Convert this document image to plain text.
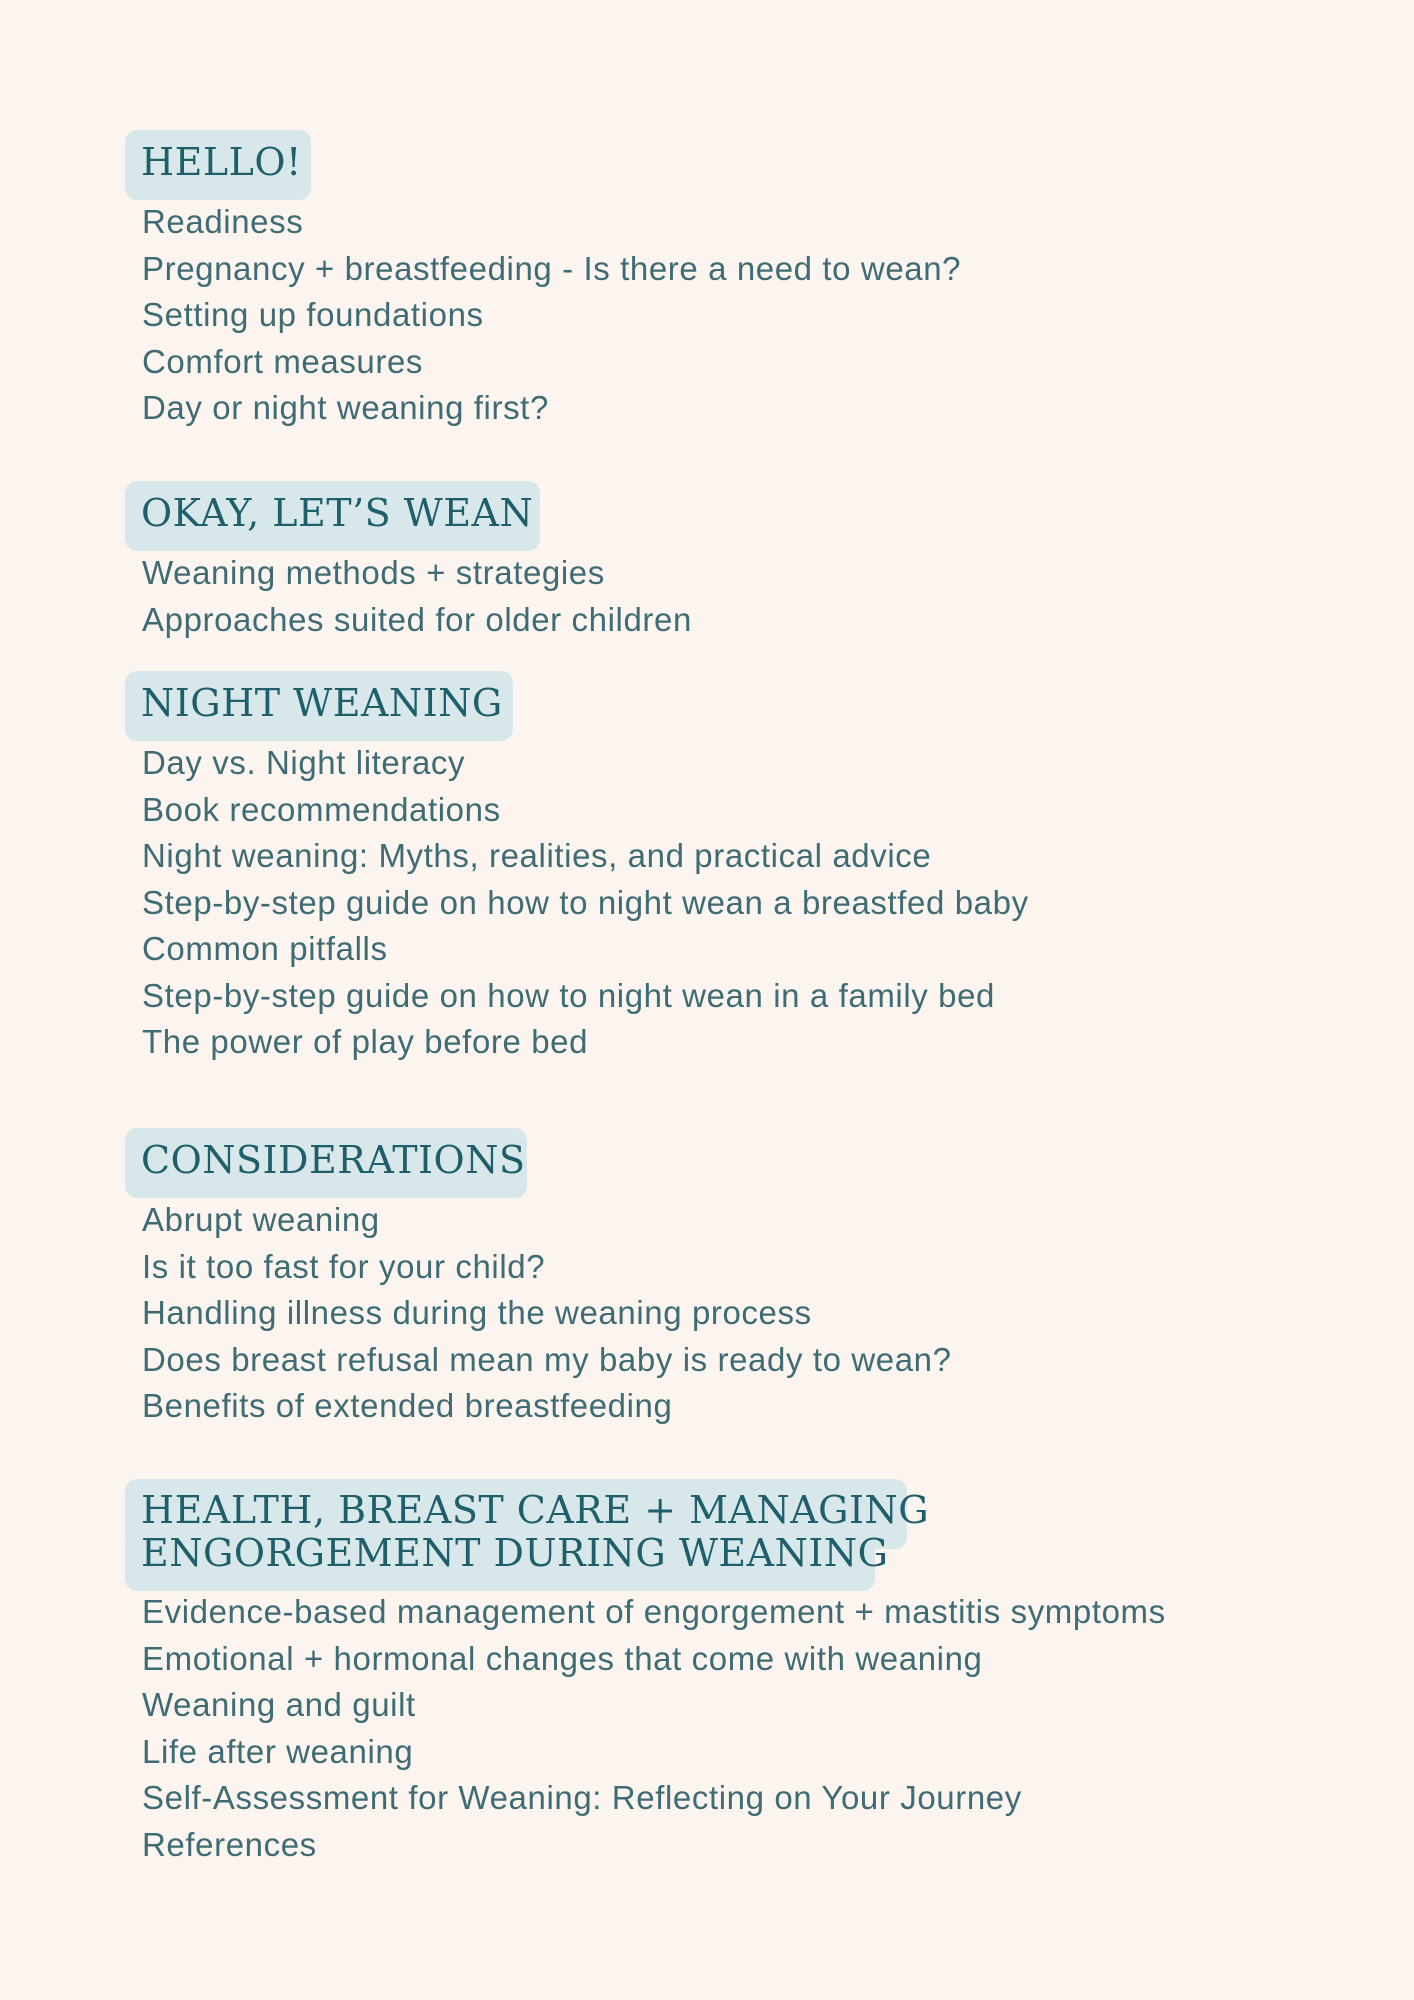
HELLO!
Readiness
Pregnancy + breastfeeding - Is there a need to wean?
Setting up foundations
Comfort measures
Day or night weaning first?
OKAY, LET’S WEAN
Weaning methods + strategies
Approaches suited for older children
NIGHT WEANING
Day vs. Night literacy
Book recommendations
Night weaning: Myths, realities, and practical advice
Step-by-step guide on how to night wean a breastfed baby
Common pitfalls
Step-by-step guide on how to night wean in a family bed
The power of play before bed
CONSIDERATIONS
Abrupt weaning
Is it too fast for your child?
Handling illness during the weaning process
Does breast refusal mean my baby is ready to wean?
Benefits of extended breastfeeding
HEALTH, BREAST CARE + MANAGING
ENGORGEMENT DURING WEANING
Evidence-based management of engorgement + mastitis symptoms
Emotional + hormonal changes that come with weaning
Weaning and guilt
Life after weaning
Self-Assessment for Weaning: Reflecting on Your Journey
References
